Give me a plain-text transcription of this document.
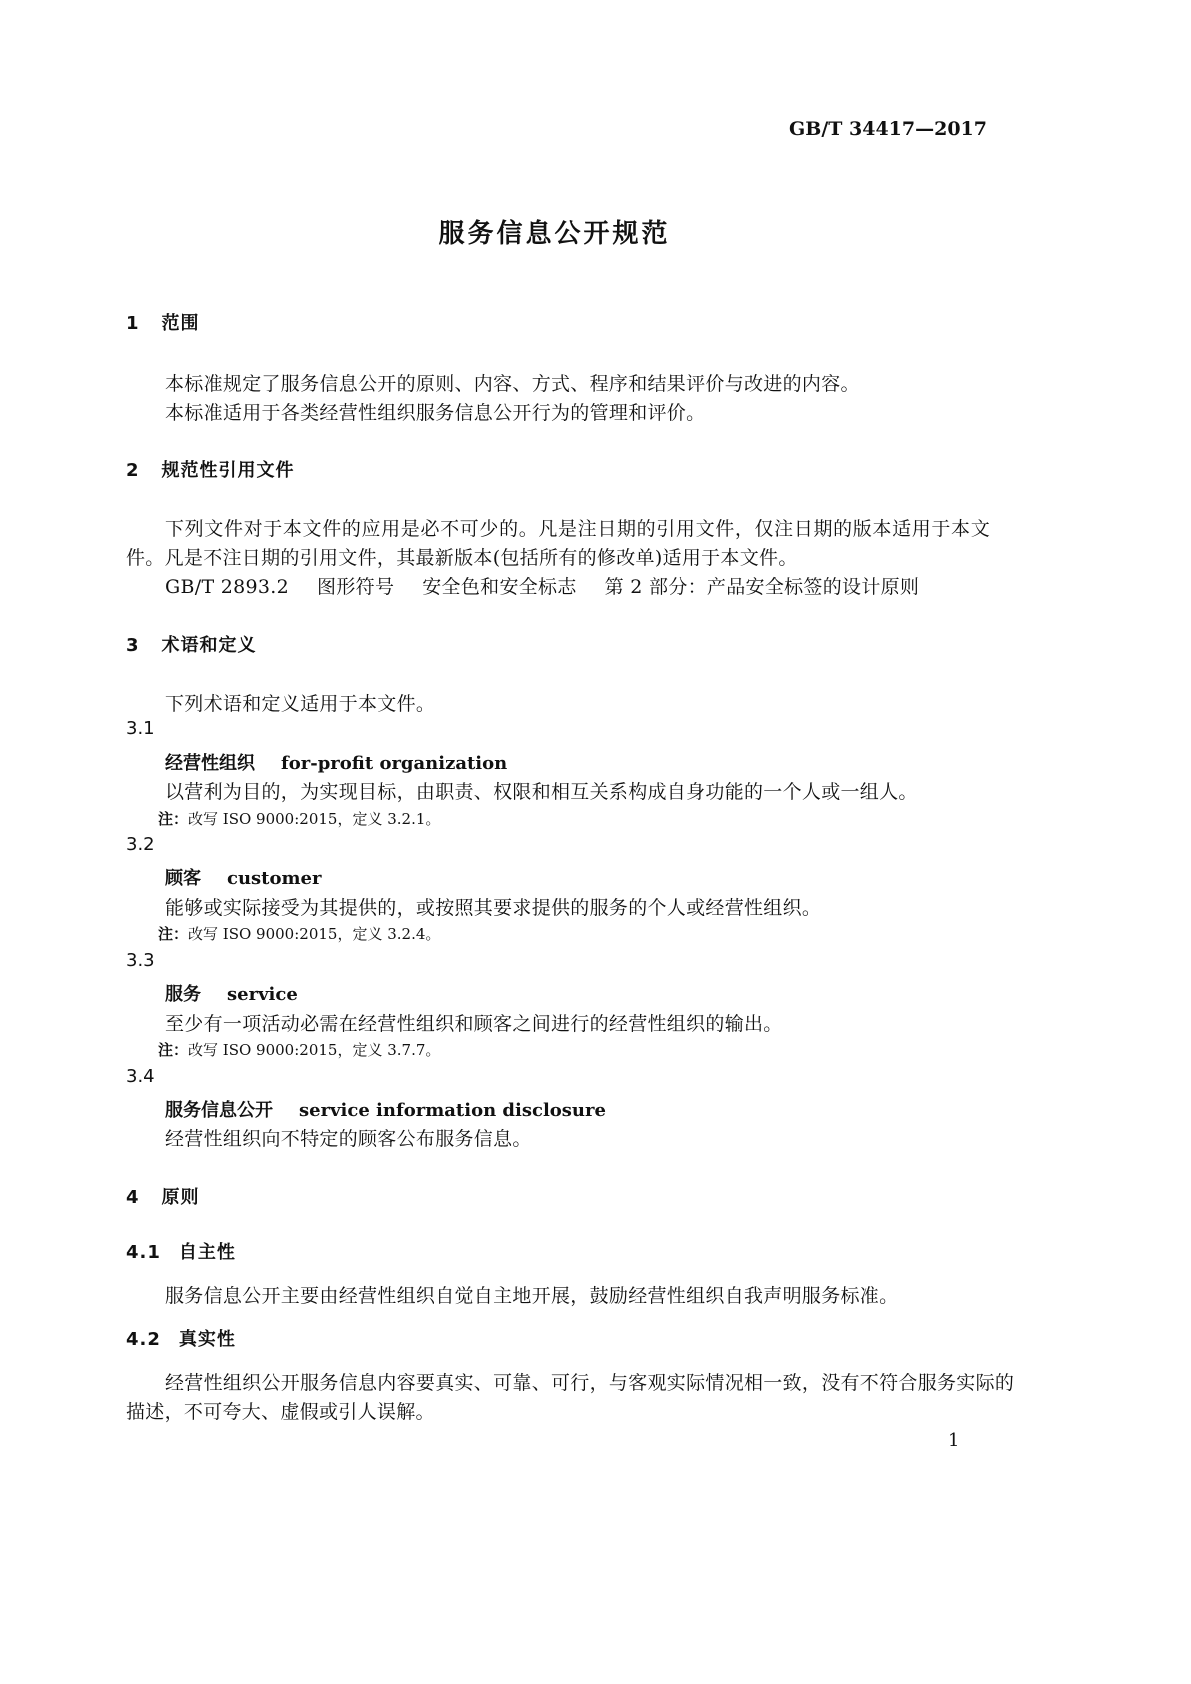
GB/T 34417—2017
服务信息公开规范
1 范围
本标准规定了服务信息公开的原则、内容、方式、程序和结果评价与改进的内容。
本标准适用于各类经营性组织服务信息公开行为的管理和评价。
2 规范性引用文件
下列文件对于本文件的应用是必不可少的。凡是注日期的引用文件，仅注日期的版本适用于本文
件。凡是不注日期的引用文件，其最新版本(包括所有的修改单)适用于本文件。
GB/T 2893.2 图形符号 安全色和安全标志 第 2 部分：产品安全标签的设计原则
3 术语和定义
下列术语和定义适用于本文件。
3.1
经营性组织 for-profit organization
以营利为目的，为实现目标，由职责、权限和相互关系构成自身功能的一个人或一组人。
注：改写 ISO 9000:2015，定义 3.2.1。
3.2
顾客 customer
能够或实际接受为其提供的，或按照其要求提供的服务的个人或经营性组织。
注：改写 ISO 9000:2015，定义 3.2.4。
3.3
服务 service
至少有一项活动必需在经营性组织和顾客之间进行的经营性组织的输出。
注：改写 ISO 9000:2015，定义 3.7.7。
3.4
服务信息公开 service information disclosure
经营性组织向不特定的顾客公布服务信息。
4 原则
4.1 自主性
服务信息公开主要由经营性组织自觉自主地开展，鼓励经营性组织自我声明服务标准。
4.2 真实性
经营性组织公开服务信息内容要真实、可靠、可行，与客观实际情况相一致，没有不符合服务实际的
描述，不可夸大、虚假或引人误解。
1
